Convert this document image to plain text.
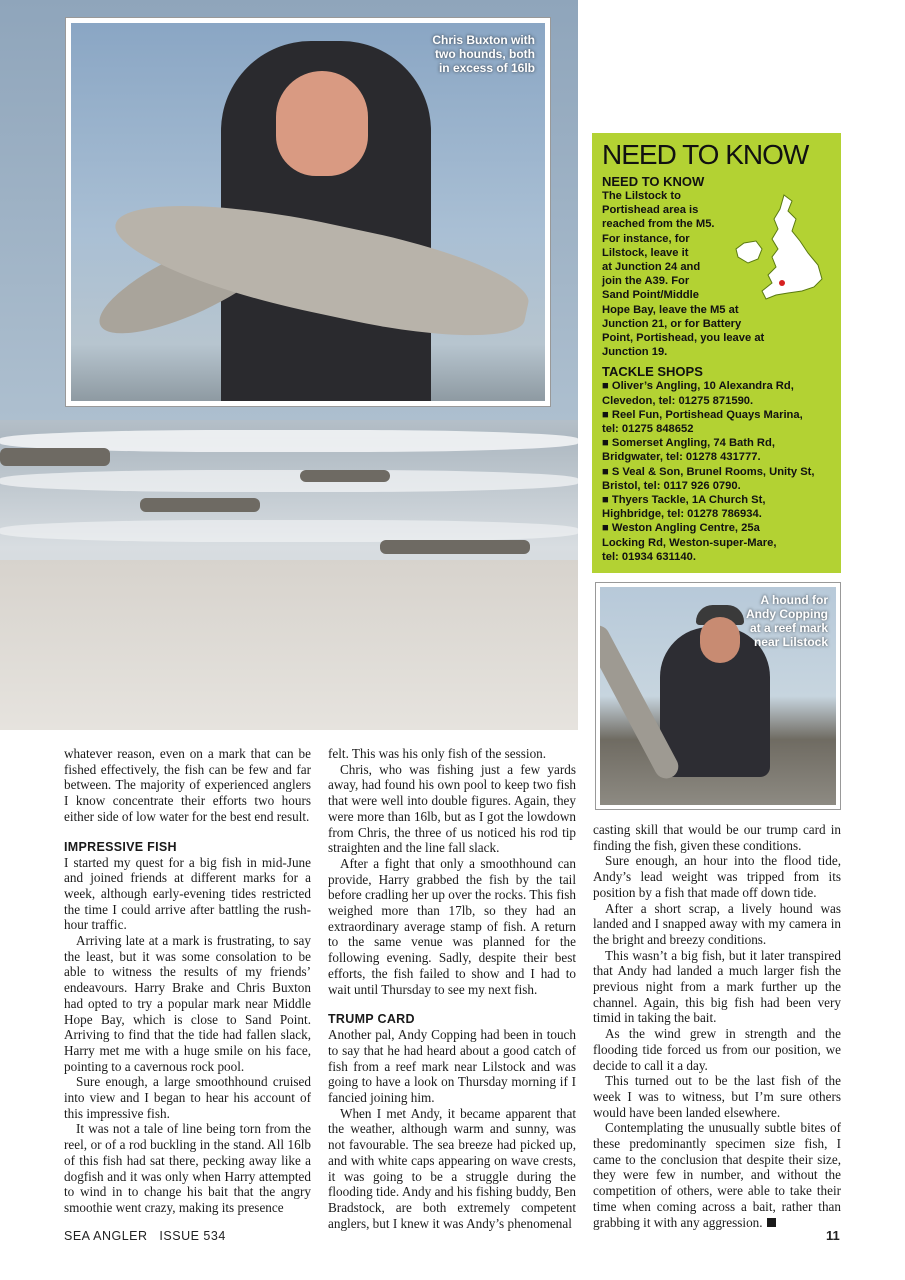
Chris Buxton with
two hounds, both
in excess of 16lb
NEED TO KNOW
NEED TO KNOW
The Lilstock to
Portishead area is
reached from the M5.
For instance, for
Lilstock, leave it
at Junction 24 and
join the A39. For
Sand Point/Middle
Hope Bay, leave the M5 at
Junction 21, or for Battery
Point, Portishead, you leave at
Junction 19.
TACKLE SHOPS
■ Oliver’s Angling, 10 Alexandra Rd,
Clevedon, tel: 01275 871590.
■ Reel Fun, Portishead Quays Marina,
tel: 01275 848652
■ Somerset Angling, 74 Bath Rd,
Bridgwater, tel: 01278 431777.
■ S Veal & Son, Brunel Rooms, Unity St,
Bristol, tel: 0117 926 0790.
■ Thyers Tackle, 1A Church St,
Highbridge, tel: 01278 786934.
■ Weston Angling Centre, 25a
Locking Rd, Weston-super-Mare,
tel: 01934 631140.
A hound for
Andy Copping
at a reef mark
near Lilstock

whatever reason, even on a mark that can be fished effectively, the fish can be few and far between. The majority of experienced anglers I know concentrate their efforts two hours either side of low water for the best end result.

IMPRESSIVE FISH

I started my quest for a big fish in mid-June and joined friends at different marks for a week, although early-evening tides restricted the time I could arrive after battling the rush-hour traffic.

Arriving late at a mark is frustrating, to say the least, but it was some consolation to be able to witness the results of my friends’ endeavours. Harry Brake and Chris Buxton had opted to try a popular mark near Middle Hope Bay, which is close to Sand Point. Arriving to find that the tide had fallen slack, Harry met me with a huge smile on his face, pointing to a cavernous rock pool.

Sure enough, a large smoothhound cruised into view and I began to hear his account of this impressive fish.

It was not a tale of line being torn from the reel, or of a rod buckling in the stand. All 16lb of this fish had sat there, pecking away like a dogfish and it was only when Harry attempted to wind in to change his bait that the angry smoothie went crazy, making its presence

felt. This was his only fish of the session.

Chris, who was fishing just a few yards away, had found his own pool to keep two fish that were well into double figures. Again, they were more than 16lb, but as I got the lowdown from Chris, the three of us noticed his rod tip straighten and the line fall slack.

After a fight that only a smoothhound can provide, Harry grabbed the fish by the tail before cradling her up over the rocks. This fish weighed more than 17lb, so they had an extraordinary average stamp of fish. A return to the same venue was planned for the following evening. Sadly, despite their best efforts, the fish failed to show and I had to wait until Thursday to see my next fish.

TRUMP CARD

Another pal, Andy Copping had been in touch to say that he had heard about a good catch of fish from a reef mark near Lilstock and was going to have a look on Thursday morning if I fancied joining him.

When I met Andy, it became apparent that the weather, although warm and sunny, was not favourable. The sea breeze had picked up, and with white caps appearing on wave crests, it was going to be a struggle during the flooding tide. Andy and his fishing buddy, Ben Bradstock, are both extremely competent anglers, but I knew it was Andy’s phenomenal

casting skill that would be our trump card in finding the fish, given these conditions.

Sure enough, an hour into the flood tide, Andy’s lead weight was tripped from its position by a fish that made off down tide.

After a short scrap, a lively hound was landed and I snapped away with my camera in the bright and breezy conditions.

This wasn’t a big fish, but it later transpired that Andy had landed a much larger fish the previous night from a mark further up the channel. Again, this big fish had been very timid in taking the bait.

As the wind grew in strength and the flooding tide forced us from our position, we decide to call it a day.

This turned out to be the last fish of the week I was to witness, but I’m sure others would have been landed elsewhere.

Contemplating the unusually subtle bites of these predominantly specimen size fish, I came to the conclusion that despite their size, they were few in number, and without the competition of others, were able to take their time when coming across a bait, rather than grabbing it with any aggression.

SEA ANGLER   ISSUE 534	11
